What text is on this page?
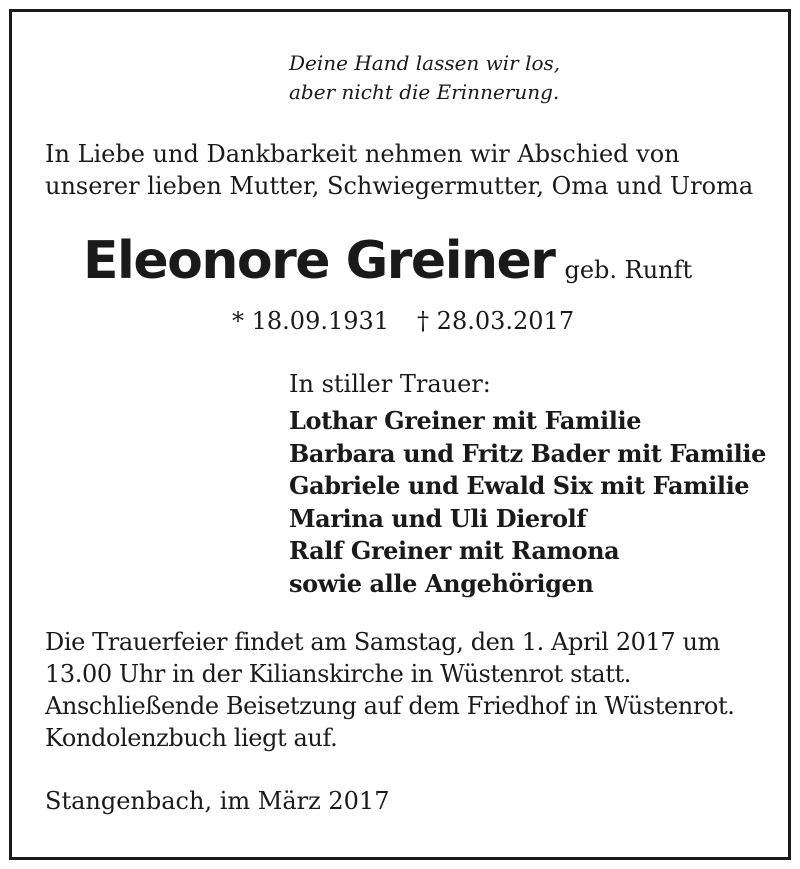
Deine Hand lassen wir los,
aber nicht die Erinnerung.
In Liebe und Dankbarkeit nehmen wir Abschied von
unserer lieben Mutter, Schwiegermutter, Oma und Uroma
Eleonore Greiner geb. Runft
* 18.09.1931 † 28.03.2017
In stiller Trauer:
Lothar Greiner mit Familie
Barbara und Fritz Bader mit Familie
Gabriele und Ewald Six mit Familie
Marina und Uli Dierolf
Ralf Greiner mit Ramona
sowie alle Angehörigen
Die Trauerfeier findet am Samstag, den 1. April 2017 um
13.00 Uhr in der Kilianskirche in Wüstenrot statt.
Anschließende Beisetzung auf dem Friedhof in Wüstenrot.
Kondolenzbuch liegt auf.
Stangenbach, im März 2017
